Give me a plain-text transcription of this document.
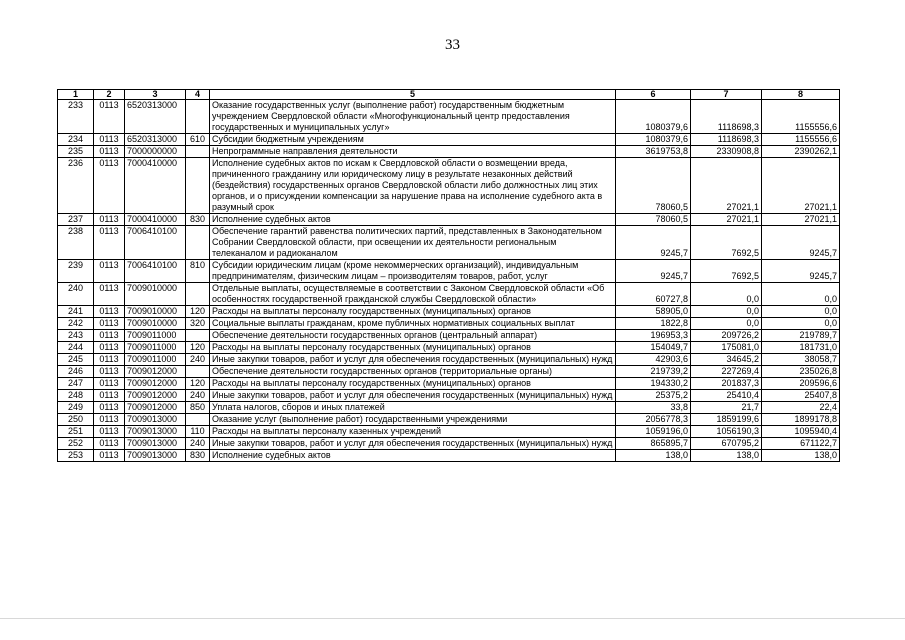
33
1	2	3	4	5	6	7	8
233	0113	6520313000		Оказание государственных услуг (выполнение работ) государственным бюджетным учреждением Свердловской области «Многофункциональный центр предоставления государственных и муниципальных услуг»	1080379,6	1118698,3	1155556,6
234	0113	6520313000	610	Субсидии бюджетным учреждениям	1080379,6	1118698,3	1155556,6
235	0113	7000000000		Непрограммные направления деятельности	3619753,8	2330908,8	2390262,1
236	0113	7000410000		Исполнение судебных актов по искам к Свердловской области о возмещении вреда, причиненного гражданину или юридическому лицу в результате незаконных действий (бездействия) государственных органов Свердловской области либо должностных лиц этих органов, и о присуждении компенсации за нарушение права на исполнение судебного акта в разумный срок	78060,5	27021,1	27021,1
237	0113	7000410000	830	Исполнение судебных актов	78060,5	27021,1	27021,1
238	0113	7006410100		Обеспечение гарантий равенства политических партий, представленных в Законодательном Собрании Свердловской области, при освещении их деятельности региональным телеканалом и радиоканалом	9245,7	7692,5	9245,7
239	0113	7006410100	810	Субсидии юридическим лицам (кроме некоммерческих организаций), индивидуальным предпринимателям, физическим лицам – производителям товаров, работ, услуг	9245,7	7692,5	9245,7
240	0113	7009010000		Отдельные выплаты, осуществляемые в соответствии с Законом Свердловской области «Об особенностях государственной гражданской службы Свердловской области»	60727,8	0,0	0,0
241	0113	7009010000	120	Расходы на выплаты персоналу государственных (муниципальных) органов	58905,0	0,0	0,0
242	0113	7009010000	320	Социальные выплаты гражданам, кроме публичных нормативных социальных выплат	1822,8	0,0	0,0
243	0113	7009011000		Обеспечение деятельности государственных органов (центральный аппарат)	196953,3	209726,2	219789,7
244	0113	7009011000	120	Расходы на выплаты персоналу государственных (муниципальных) органов	154049,7	175081,0	181731,0
245	0113	7009011000	240	Иные закупки товаров, работ и услуг для обеспечения государственных (муниципальных) нужд	42903,6	34645,2	38058,7
246	0113	7009012000		Обеспечение деятельности государственных органов (территориальные органы)	219739,2	227269,4	235026,8
247	0113	7009012000	120	Расходы на выплаты персоналу государственных (муниципальных) органов	194330,2	201837,3	209596,6
248	0113	7009012000	240	Иные закупки товаров, работ и услуг для обеспечения государственных (муниципальных) нужд	25375,2	25410,4	25407,8
249	0113	7009012000	850	Уплата налогов, сборов и иных платежей	33,8	21,7	22,4
250	0113	7009013000		Оказание услуг (выполнение работ) государственными учреждениями	2056778,3	1859199,6	1899178,8
251	0113	7009013000	110	Расходы на выплаты персоналу казенных учреждений	1059196,0	1056190,3	1095940,4
252	0113	7009013000	240	Иные закупки товаров, работ и услуг для обеспечения государственных (муниципальных) нужд	865895,7	670795,2	671122,7
253	0113	7009013000	830	Исполнение судебных актов	138,0	138,0	138,0
